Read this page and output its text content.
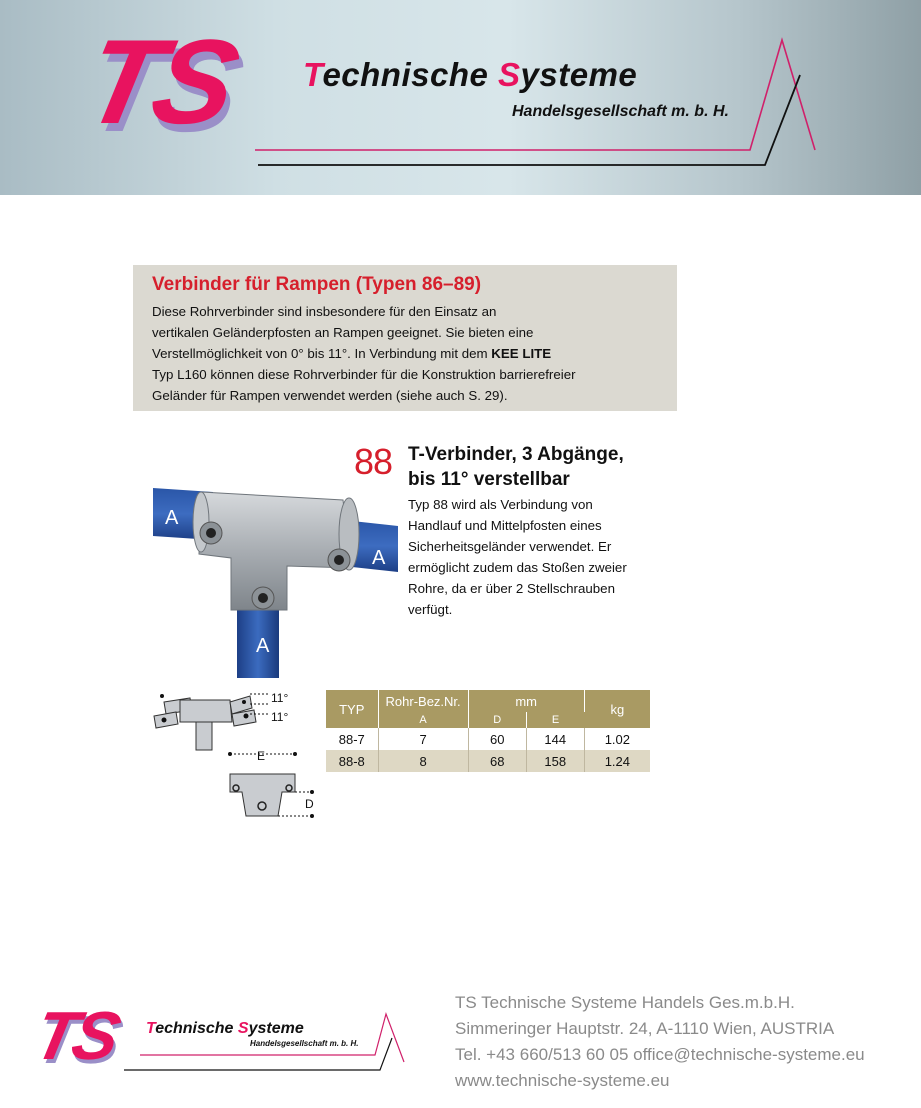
TS Technische Systeme
Handelsgesellschaft m. b. H.
Verbinder für Rampen (Typen 86–89)
Diese Rohrverbinder sind insbesondere für den Einsatz an
vertikalen Geländerpfosten an Rampen geeignet. Sie bieten eine
Verstellmöglichkeit von 0° bis 11°. In Verbindung mit dem KEE LITE
Typ L160 können diese Rohrverbinder für die Konstruktion barrierefreier
Geländer für Rampen verwendet werden (siehe auch S. 29).
A
A
A
88 T-Verbinder, 3 Abgänge,
bis 11° verstellbar
Typ 88 wird als Verbindung von
Handlauf und Mittelpfosten eines
Sicherheitsgeländer verwendet. Er
ermöglicht zudem das Stoßen zweier
Rohre, da er über 2 Stellschrauben
verfügt.
11°
11°
E
D
TYP	Rohr-Bez.Nr.	mm		kg
	A	D	E	
88-7	7	60	144	1.02
88-8	8	68	158	1.24
TS Technische Systeme
Handelsgesellschaft m. b. H.
TS Technische Systeme Handels Ges.m.b.H.
Simmeringer Hauptstr. 24, A-1110 Wien, AUSTRIA
Tel. +43 660/513 60 05 office@technische-systeme.eu
www.technische-systeme.eu
